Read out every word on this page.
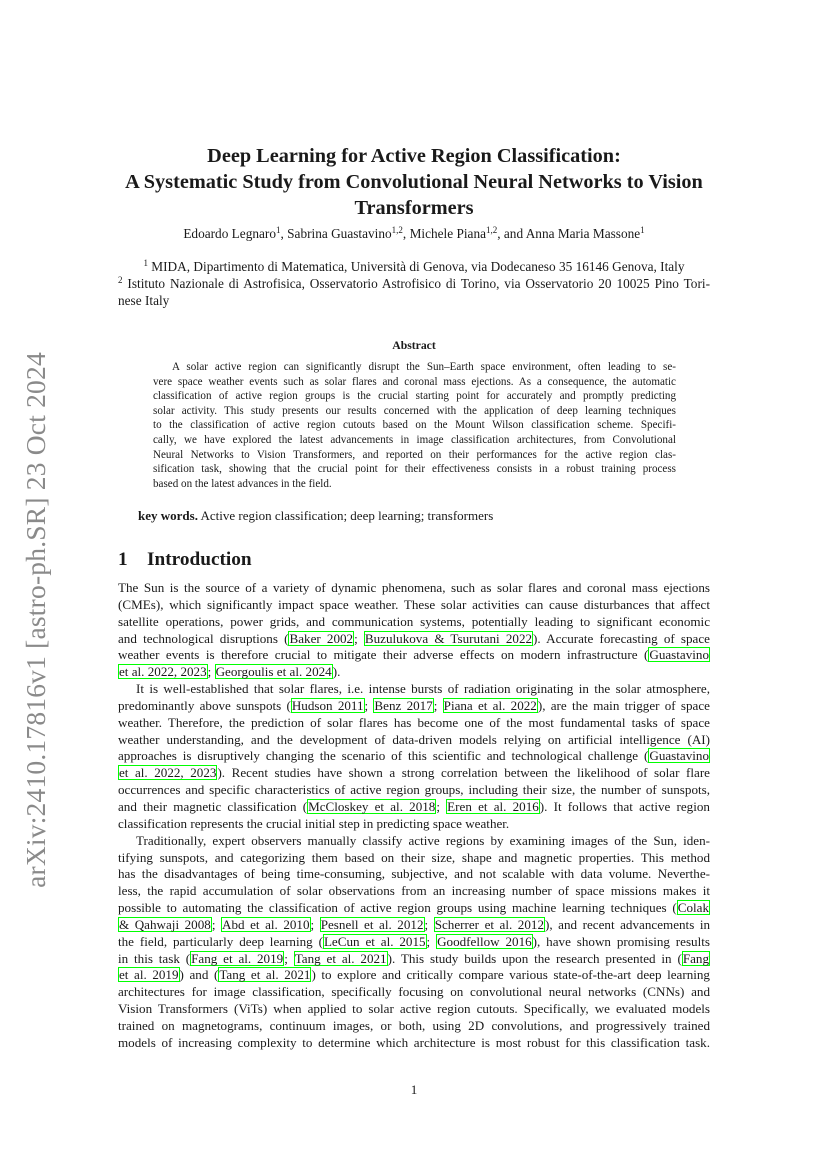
arXiv:2410.17816v1 [astro-ph.SR] 23 Oct 2024
Deep Learning for Active Region Classification:
A Systematic Study from Convolutional Neural Networks to Vision
Transformers
Edoardo Legnaro$^1$, Sabrina Guastavino$^{1,2}$, Michele Piana$^{1,2}$, and Anna Maria Massone$^1$
$^1$ MIDA, Dipartimento di Matematica, Università di Genova, via Dodecaneso 35 16146 Genova, Italy
$^2$ Istituto Nazionale di Astrofisica, Osservatorio Astrofisico di Torino, via Osservatorio 20 10025 Pino Tori-
nese Italy
Abstract
A solar active region can significantly disrupt the Sun–Earth space environment, often leading to se-
vere space weather events such as solar flares and coronal mass ejections. As a consequence, the automatic
classification of active region groups is the crucial starting point for accurately and promptly predicting
solar activity. This study presents our results concerned with the application of deep learning techniques
to the classification of active region cutouts based on the Mount Wilson classification scheme. Specifi-
cally, we have explored the latest advancements in image classification architectures, from Convolutional
Neural Networks to Vision Transformers, and reported on their performances for the active region clas-
sification task, showing that the crucial point for their effectiveness consists in a robust training process
based on the latest advances in the field.
key words. Active region classification; deep learning; transformers
1 Introduction
The Sun is the source of a variety of dynamic phenomena, such as solar flares and coronal mass ejections
(CMEs), which significantly impact space weather. These solar activities can cause disturbances that affect
satellite operations, power grids, and communication systems, potentially leading to significant economic
and technological disruptions (Baker 2002; Buzulukova & Tsurutani 2022). Accurate forecasting of space
weather events is therefore crucial to mitigate their adverse effects on modern infrastructure (Guastavino
et al. 2022, 2023; Georgoulis et al. 2024).
It is well-established that solar flares, i.e. intense bursts of radiation originating in the solar atmosphere,
predominantly above sunspots (Hudson 2011; Benz 2017; Piana et al. 2022), are the main trigger of space
weather. Therefore, the prediction of solar flares has become one of the most fundamental tasks of space
weather understanding, and the development of data-driven models relying on artificial intelligence (AI)
approaches is disruptively changing the scenario of this scientific and technological challenge (Guastavino
et al. 2022, 2023). Recent studies have shown a strong correlation between the likelihood of solar flare
occurrences and specific characteristics of active region groups, including their size, the number of sunspots,
and their magnetic classification (McCloskey et al. 2018; Eren et al. 2016). It follows that active region
classification represents the crucial initial step in predicting space weather.
Traditionally, expert observers manually classify active regions by examining images of the Sun, iden-
tifying sunspots, and categorizing them based on their size, shape and magnetic properties. This method
has the disadvantages of being time-consuming, subjective, and not scalable with data volume. Neverthe-
less, the rapid accumulation of solar observations from an increasing number of space missions makes it
possible to automating the classification of active region groups using machine learning techniques (Colak
& Qahwaji 2008; Abd et al. 2010; Pesnell et al. 2012; Scherrer et al. 2012), and recent advancements in
the field, particularly deep learning (LeCun et al. 2015; Goodfellow 2016), have shown promising results
in this task (Fang et al. 2019; Tang et al. 2021). This study builds upon the research presented in (Fang
et al. 2019) and (Tang et al. 2021) to explore and critically compare various state-of-the-art deep learning
architectures for image classification, specifically focusing on convolutional neural networks (CNNs) and
Vision Transformers (ViTs) when applied to solar active region cutouts. Specifically, we evaluated models
trained on magnetograms, continuum images, or both, using 2D convolutions, and progressively trained
models of increasing complexity to determine which architecture is most robust for this classification task.
1
